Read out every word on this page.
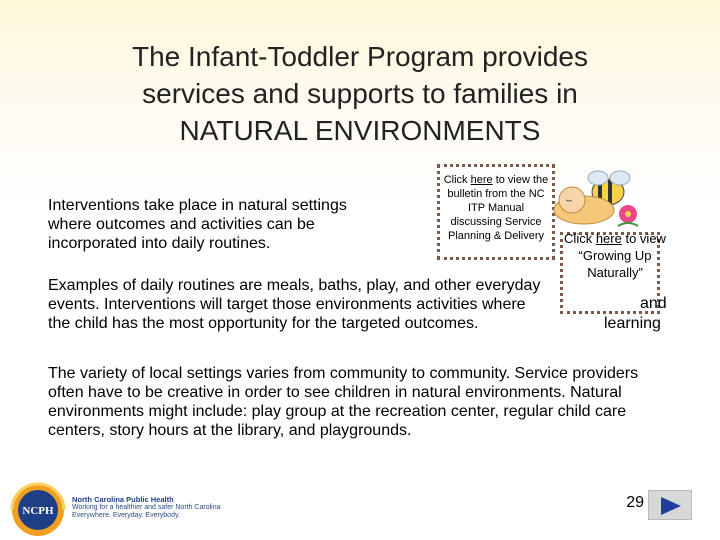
The Infant-Toddler Program provides
services and supports to families in
NATURAL ENVIRONMENTS
Interventions take place in natural settings where outcomes and activities can be incorporated into daily routines.
Click here to view the bulletin from the NC ITP Manual discussing Service Planning & Delivery	Click here to view “Growing Up Naturally”
Examples of daily routines are meals, baths, play, and other everyday events. Interventions will target those environments activities where the child has the most opportunity for the targeted outcomes.
and
learning
The variety of local settings varies from community to community. Service providers often have to be creative in order to see children in natural environments. Natural environments might include: play group at the recreation center, regular child care centers, story hours at the library, and playgrounds.
NCPH
North Carolina Public Health
Working for a healthier and safer North Carolina Everywhere. Everyday. Everybody.
29
